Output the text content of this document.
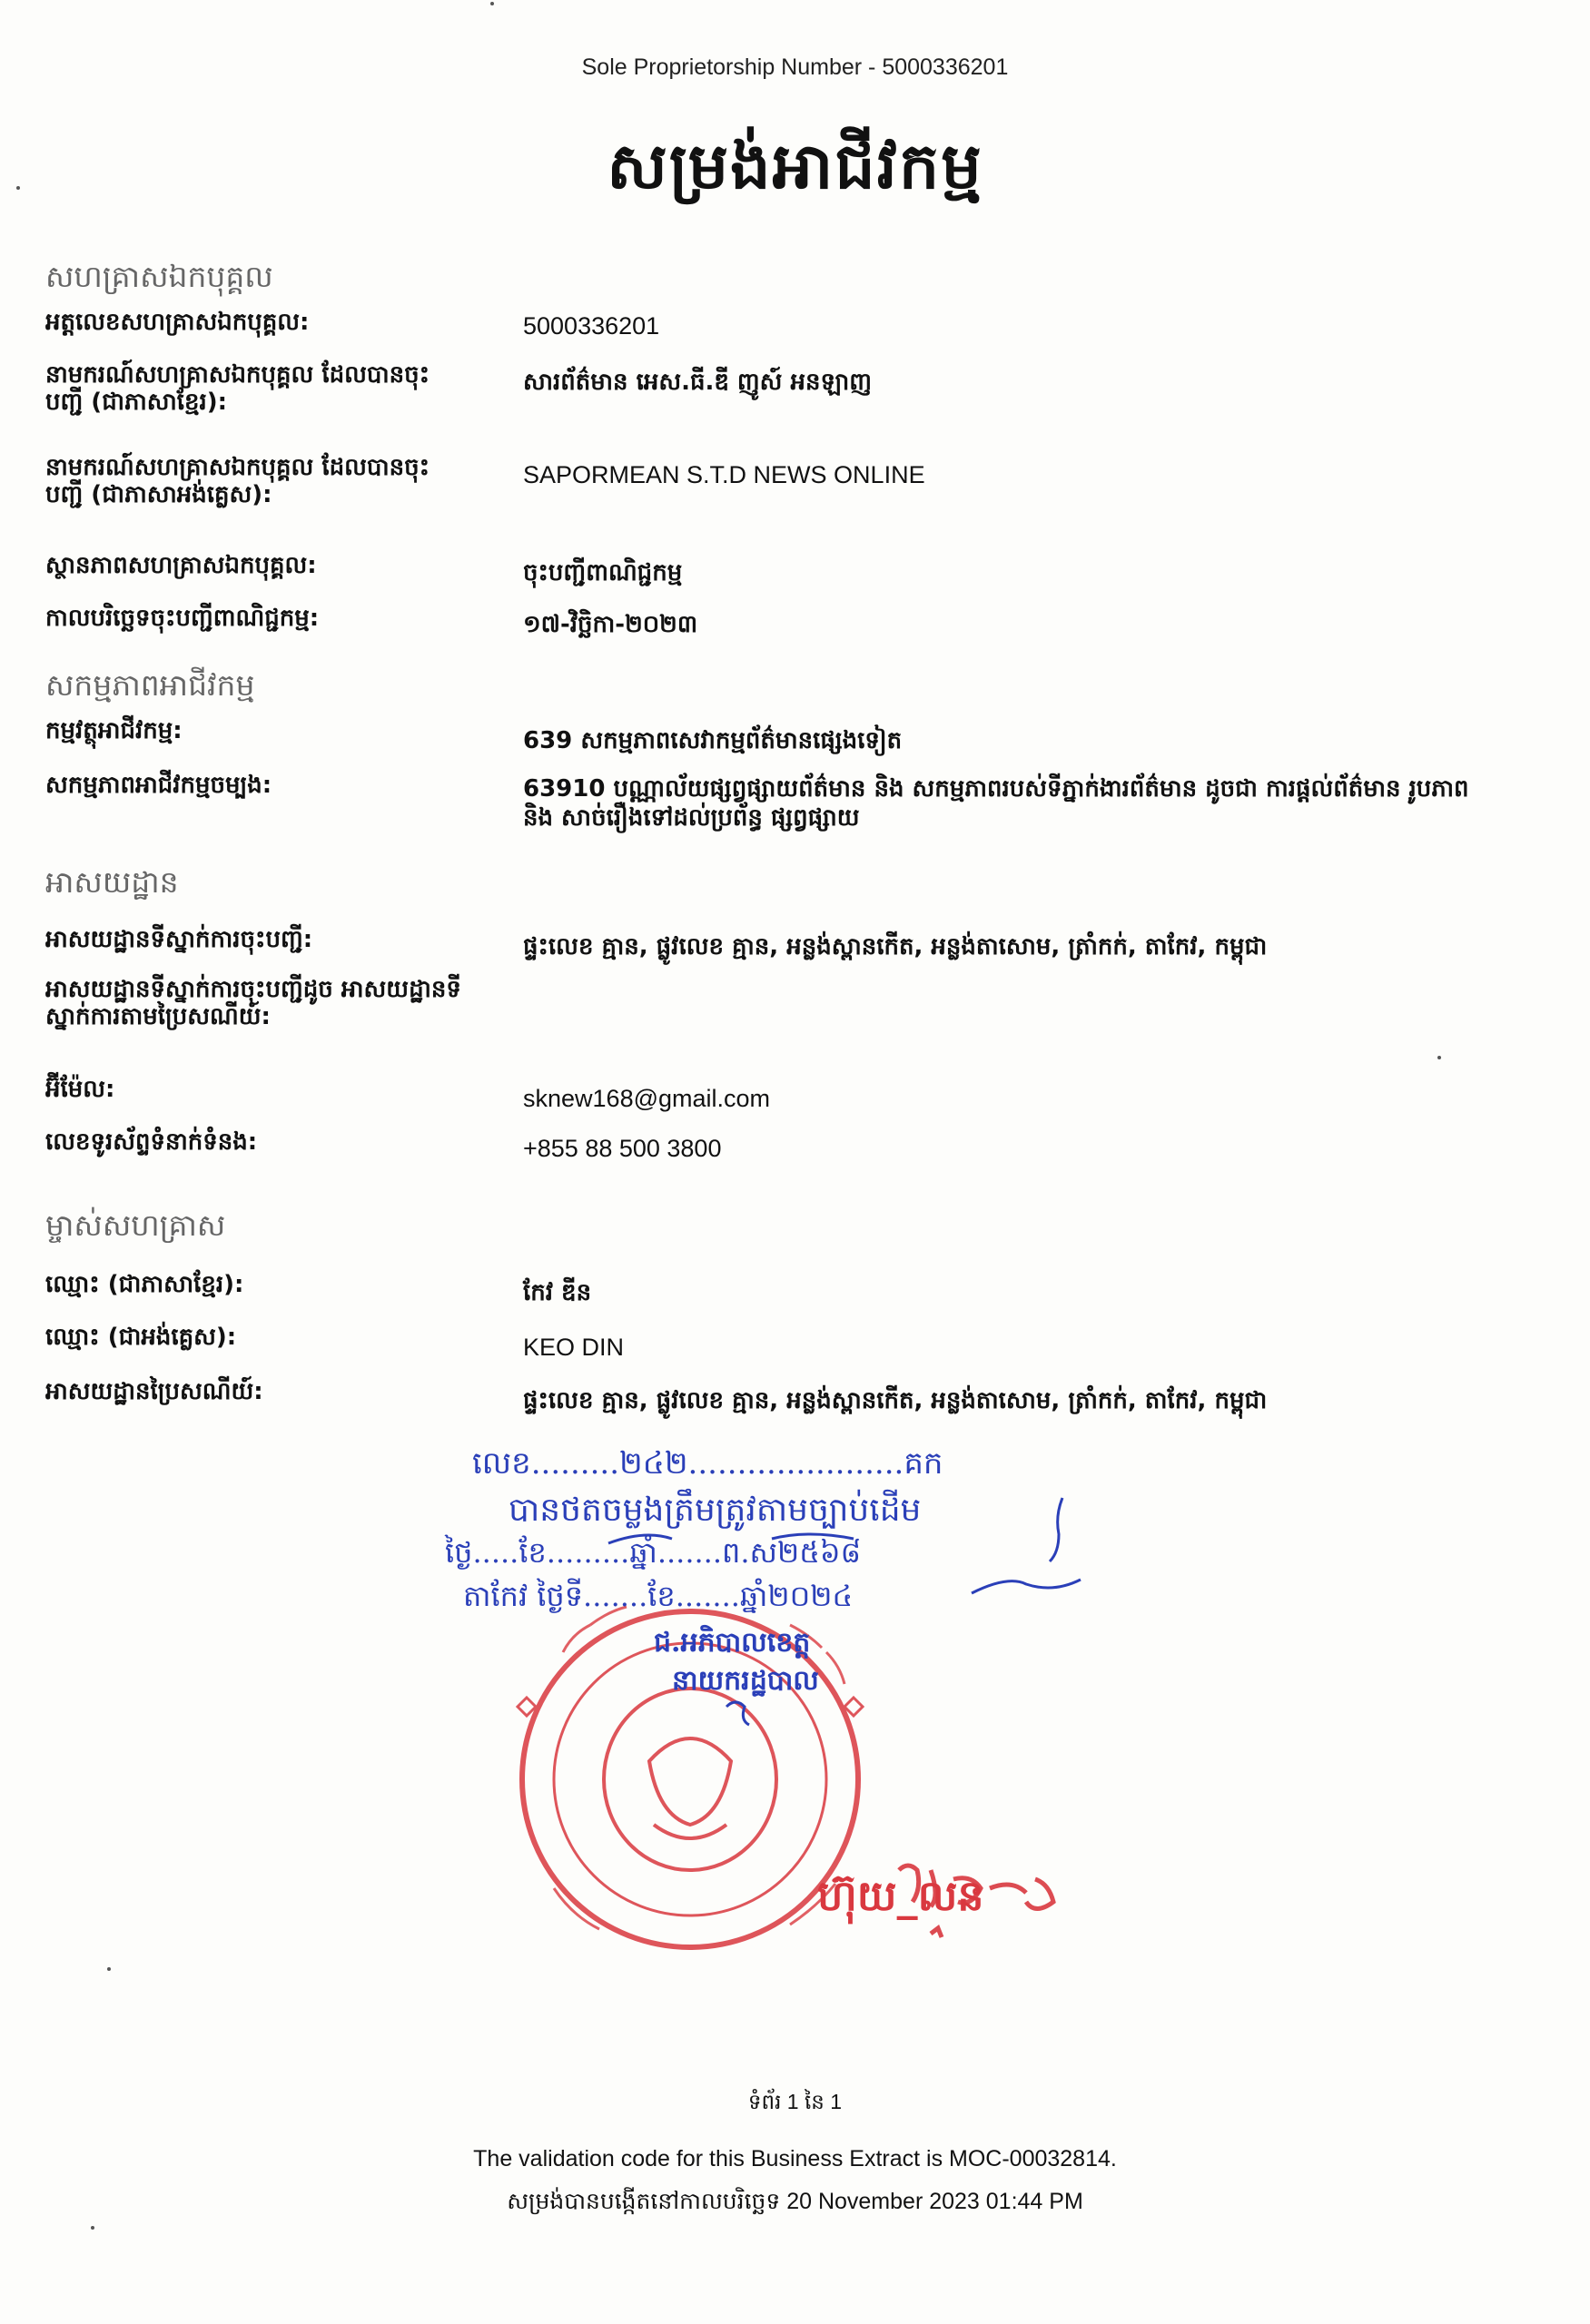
Sole Proprietorship Number - 5000336201
សម្រង់អាជីវកម្ម
សហគ្រាសឯកបុគ្គល
អត្តលេខសហគ្រាសឯកបុគ្គល:	5000336201
នាមករណ៍សហគ្រាសឯកបុគ្គល ដែលបានចុះបញ្ជី (ជាភាសាខ្មែរ):
សារព័ត៌មាន អេស.ធី.ឌី ញូស៍ អនឡាញ
នាមករណ៍សហគ្រាសឯកបុគ្គល ដែលបានចុះបញ្ជី (ជាភាសាអង់គ្លេស):
SAPORMEAN S.T.D NEWS ONLINE
ស្ថានភាពសហគ្រាសឯកបុគ្គល:	ចុះបញ្ជីពាណិជ្ជកម្ម
កាលបរិច្ឆេទចុះបញ្ជីពាណិជ្ជកម្ម:	១៧-វិច្ឆិកា-២០២៣
សកម្មភាពអាជីវកម្ម
កម្មវត្ថុអាជីវកម្ម:	639 សកម្មភាពសេវាកម្មព័ត៌មានផ្សេងទៀត
សកម្មភាពអាជីវកម្មចម្បង:	63910 បណ្ណាល័យផ្សព្វផ្សាយព័ត៌មាន និង សកម្មភាពរបស់ទីភ្នាក់ងារព័ត៌មាន ដូចជា ការផ្តល់ព័ត៌មាន រូបភាព និង សាច់រឿងទៅដល់ប្រព័ន្ធ ផ្សព្វផ្សាយ
អាសយដ្ឋាន
អាសយដ្ឋានទីស្នាក់ការចុះបញ្ជី:	ផ្ទះលេខ គ្មាន, ផ្លូវលេខ គ្មាន, អន្លង់ស្ពានកើត, អន្លង់តាសោម, ត្រាំកក់, តាកែវ, កម្ពុជា
អាសយដ្ឋានទីស្នាក់ការចុះបញ្ជីដូច អាសយដ្ឋានទីស្នាក់ការតាមប្រៃសណីយ៍:
អ៊ីម៉ែល:	sknew168@gmail.com
លេខទូរស័ព្ទទំនាក់ទំនង:	+855 88 500 3800
ម្ចាស់សហគ្រាស
ឈ្មោះ (ជាភាសាខ្មែរ):	កែវ ឌីន
ឈ្មោះ (ជាអង់គ្លេស):	KEO DIN
អាសយដ្ឋានប្រៃសណីយ៍:	ផ្ទះលេខ គ្មាន, ផ្លូវលេខ គ្មាន, អន្លង់ស្ពានកើត, អន្លង់តាសោម, ត្រាំកក់, តាកែវ, កម្ពុជា
លេខ.........២៤២......................គក
បានថតចម្លងត្រឹមត្រូវតាមច្បាប់ដើម
ថ្ងៃ.....ខែ.........ឆ្នាំ.......ព.ស២៥៦៨
តាកែវ ថ្ងៃទី.......ខែ.......ឆ្នាំ២០២៤
ជ.អភិបាលខេត្ត
នាយករដ្ឋបាល
ហ៊ុយ_លន
ទំព័រ 1 នៃ 1
The validation code for this Business Extract is MOC-00032814.
សម្រង់បានបង្កើតនៅកាលបរិច្ឆេទ 20 November 2023 01:44 PM
